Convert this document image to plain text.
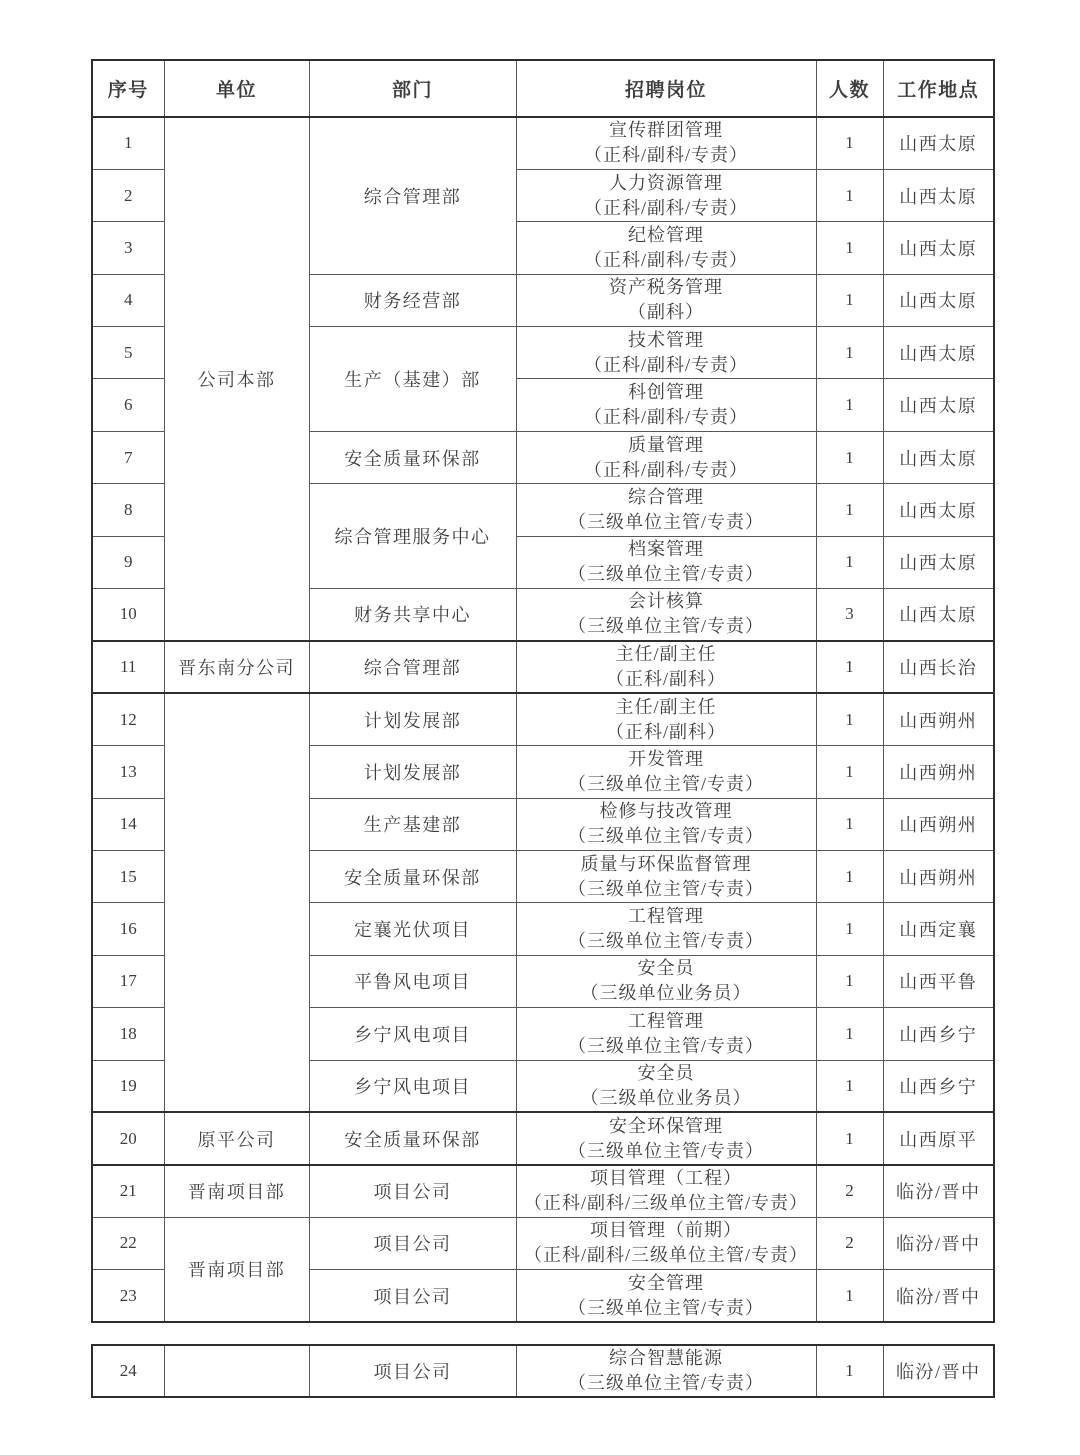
序号	单位	部门	招聘岗位	人数	工作地点
1	公司本部	综合管理部	宣传群团管理
（正科/副科/专责）	1	山西太原
2			人力资源管理
（正科/副科/专责）	1	山西太原
3			纪检管理
（正科/副科/专责）	1	山西太原
4		财务经营部	资产税务管理
（副科）	1	山西太原
5		生产（基建）部	技术管理
（正科/副科/专责）	1	山西太原
6			科创管理
（正科/副科/专责）	1	山西太原
7		安全质量环保部	质量管理
（正科/副科/专责）	1	山西太原
8		综合管理服务中心	综合管理
（三级单位主管/专责）	1	山西太原
9			档案管理
（三级单位主管/专责）	1	山西太原
10		财务共享中心	会计核算
（三级单位主管/专责）	3	山西太原
11	晋东南分公司	综合管理部	主任/副主任
（正科/副科）	1	山西长治
12		计划发展部	主任/副主任
（正科/副科）	1	山西朔州
13		计划发展部	开发管理
（三级单位主管/专责）	1	山西朔州
14		生产基建部	检修与技改管理
（三级单位主管/专责）	1	山西朔州
15		安全质量环保部	质量与环保监督管理
（三级单位主管/专责）	1	山西朔州
16		定襄光伏项目	工程管理
（三级单位主管/专责）	1	山西定襄
17		平鲁风电项目	安全员
（三级单位业务员）	1	山西平鲁
18		乡宁风电项目	工程管理
（三级单位主管/专责）	1	山西乡宁
19		乡宁风电项目	安全员
（三级单位业务员）	1	山西乡宁
20	原平公司	安全质量环保部	安全环保管理
（三级单位主管/专责）	1	山西原平
21	晋南项目部	项目公司	项目管理（工程）
（正科/副科/三级单位主管/专责）	2	临汾/晋中
22	晋南项目部	项目公司	项目管理（前期）
（正科/副科/三级单位主管/专责）	2	临汾/晋中
23		项目公司	安全管理
（三级单位主管/专责）	1	临汾/晋中
24		项目公司	
综合智慧能源
（三级单位主管/专责）
	1	临汾/晋中
